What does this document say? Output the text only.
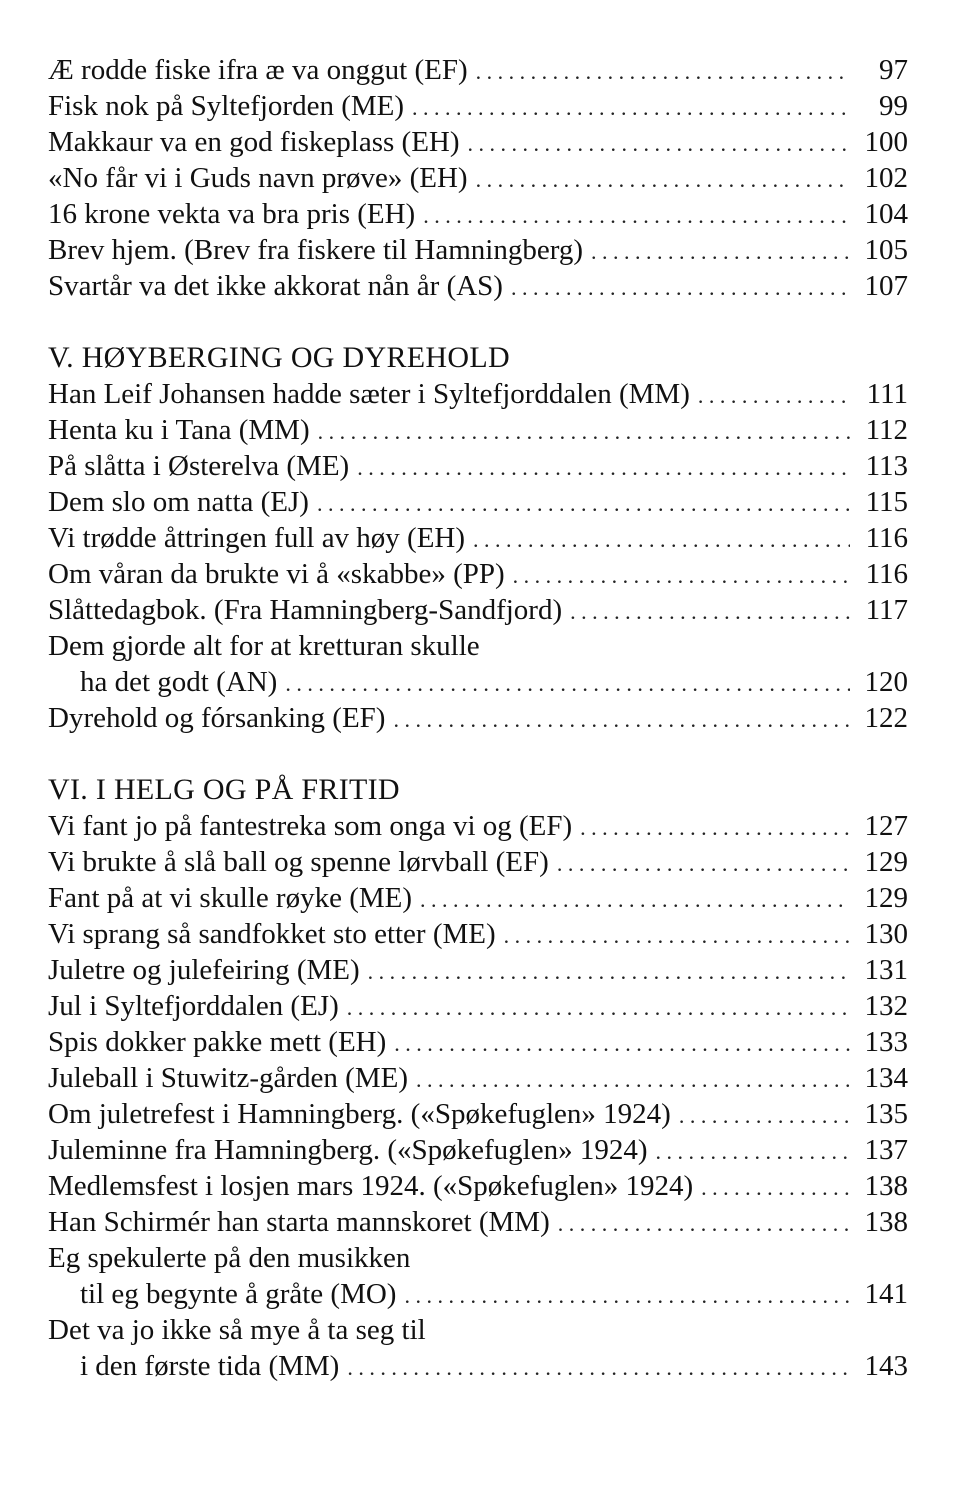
Æ rodde fiske ifra æ va onggut (EF) . . .	97
Fisk nok på Syltefjorden (ME) . . .	99
Makkaur va en god fiskeplass (EH) . . .	100
«No får vi i Guds navn prøve» (EH) . . .	102
16 krone vekta va bra pris (EH) . . .	104
Brev hjem. (Brev fra fiskere til Hamningberg) . . .	105
Svartår va det ikke akkorat nån år (AS) . . .	107
V. HØYBERGING OG DYREHOLD
Han Leif Johansen hadde sæter i Syltefjorddalen (MM) . . .	111
Henta ku i Tana (MM) . . .	112
På slåtta i Østerelva (ME) . . .	113
Dem slo om natta (EJ) . . .	115
Vi trødde åttringen full av høy (EH) . . .	116
Om våran da brukte vi å «skabbe» (PP) . . .	116
Slåttedagbok. (Fra Hamningberg-Sandfjord) . . .	117
Dem gjorde alt for at kretturan skulle
ha det godt (AN) . . .	120
Dyrehold og fórsanking (EF) . . .	122
VI. I HELG OG PÅ FRITID
Vi fant jo på fantestreka som onga vi og (EF) . . .	127
Vi brukte å slå ball og spenne lørvball (EF) . . .	129
Fant på at vi skulle røyke (ME) . . .	129
Vi sprang så sandfokket sto etter (ME) . . .	130
Juletre og julefeiring (ME) . . .	131
Jul i Syltefjorddalen (EJ) . . .	132
Spis dokker pakke mett (EH) . . .	133
Juleball i Stuwitz-gården (ME) . . .	134
Om juletrefest i Hamningberg. («Spøkefuglen» 1924) . . .	135
Juleminne fra Hamningberg. («Spøkefuglen» 1924) . . .	137
Medlemsfest i losjen mars 1924. («Spøkefuglen» 1924) . . .	138
Han Schirmér han starta mannskoret (MM) . . .	138
Eg spekulerte på den musikken
til eg begynte å gråte (MO) . . .	141
Det va jo ikke så mye å ta seg til
i den første tida (MM) . . .	143
